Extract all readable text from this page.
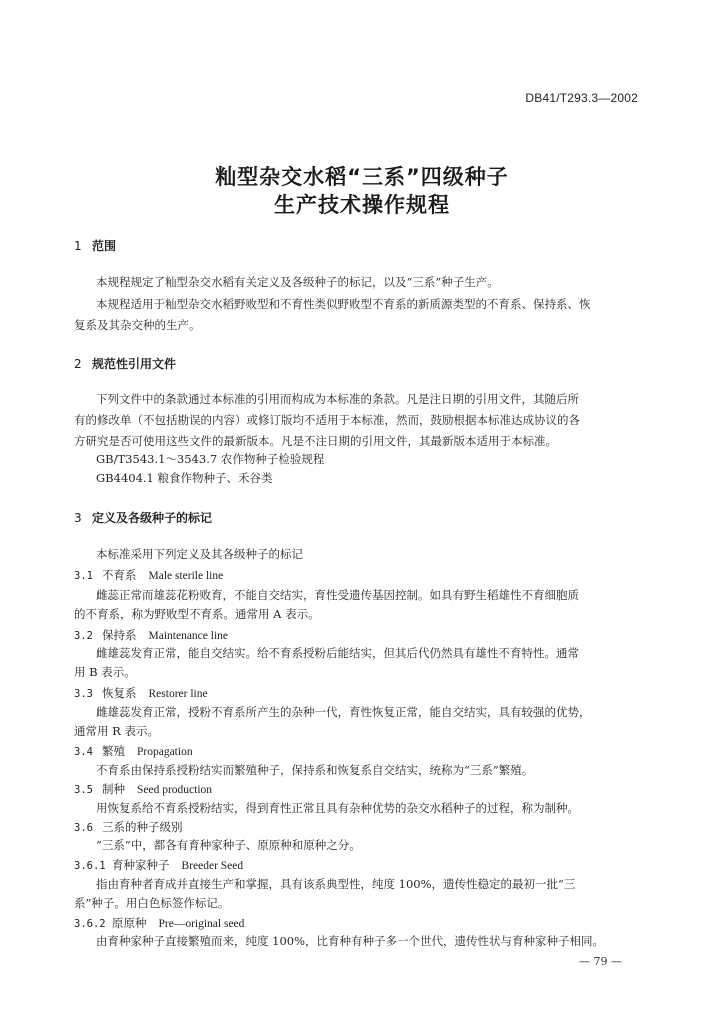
DB41/T293.3—2002
籼型杂交水稻“三系”四级种子
生产技术操作规程
1 范围
本规程规定了籼型杂交水稻有关定义及各级种子的标记，以及“三系”种子生产。
本规程适用于籼型杂交水稻野败型和不育性类似野败型不育系的新质源类型的不育系、保持系、恢
复系及其杂交种的生产。
2 规范性引用文件
下列文件中的条款通过本标准的引用而构成为本标准的条款。凡是注日期的引用文件，其随后所
有的修改单（不包括勘误的内容）或修订版均不适用于本标准，然而，鼓励根据本标准达成协议的各
方研究是否可使用这些文件的最新版本。凡是不注日期的引用文件，其最新版本适用于本标准。
GB/T3543.1～3543.7 农作物种子检验规程
GB4404.1 粮食作物种子、禾谷类
3 定义及各级种子的标记
本标准采用下列定义及其各级种子的标记
3.1 不育系 Male sterile line
雌蕊正常而雄蕊花粉败育，不能自交结实，育性受遗传基因控制。如具有野生稻雄性不育细胞质
的不育系，称为野败型不育系。通常用 A 表示。
3.2 保持系 Maintenance line
雌雄蕊发育正常，能自交结实。给不育系授粉后能结实，但其后代仍然具有雄性不育特性。通常
用 B 表示。
3.3 恢复系 Restorer line
雌雄蕊发育正常，授粉不育系所产生的杂种一代，育性恢复正常，能自交结实，具有较强的优势，
通常用 R 表示。
3.4 繁殖 Propagation
不育系由保持系授粉结实而繁殖种子，保持系和恢复系自交结实，统称为“三系”繁殖。
3.5 制种 Seed production
用恢复系给不育系授粉结实，得到育性正常且具有杂种优势的杂交水稻种子的过程，称为制种。
3.6 三系的种子级别
“三系”中，都各有育种家种子、原原种和原种之分。
3.6.1 育种家种子 Breeder Seed
指由育种者育成并直接生产和掌握，具有该系典型性，纯度 100%，遗传性稳定的最初一批“三
系”种子。用白色标签作标记。
3.6.2 原原种 Pre—original seed
由育种家种子直接繁殖而来，纯度 100%，比育种有种子多一个世代，遗传性状与育种家种子相同。
— 79 —
